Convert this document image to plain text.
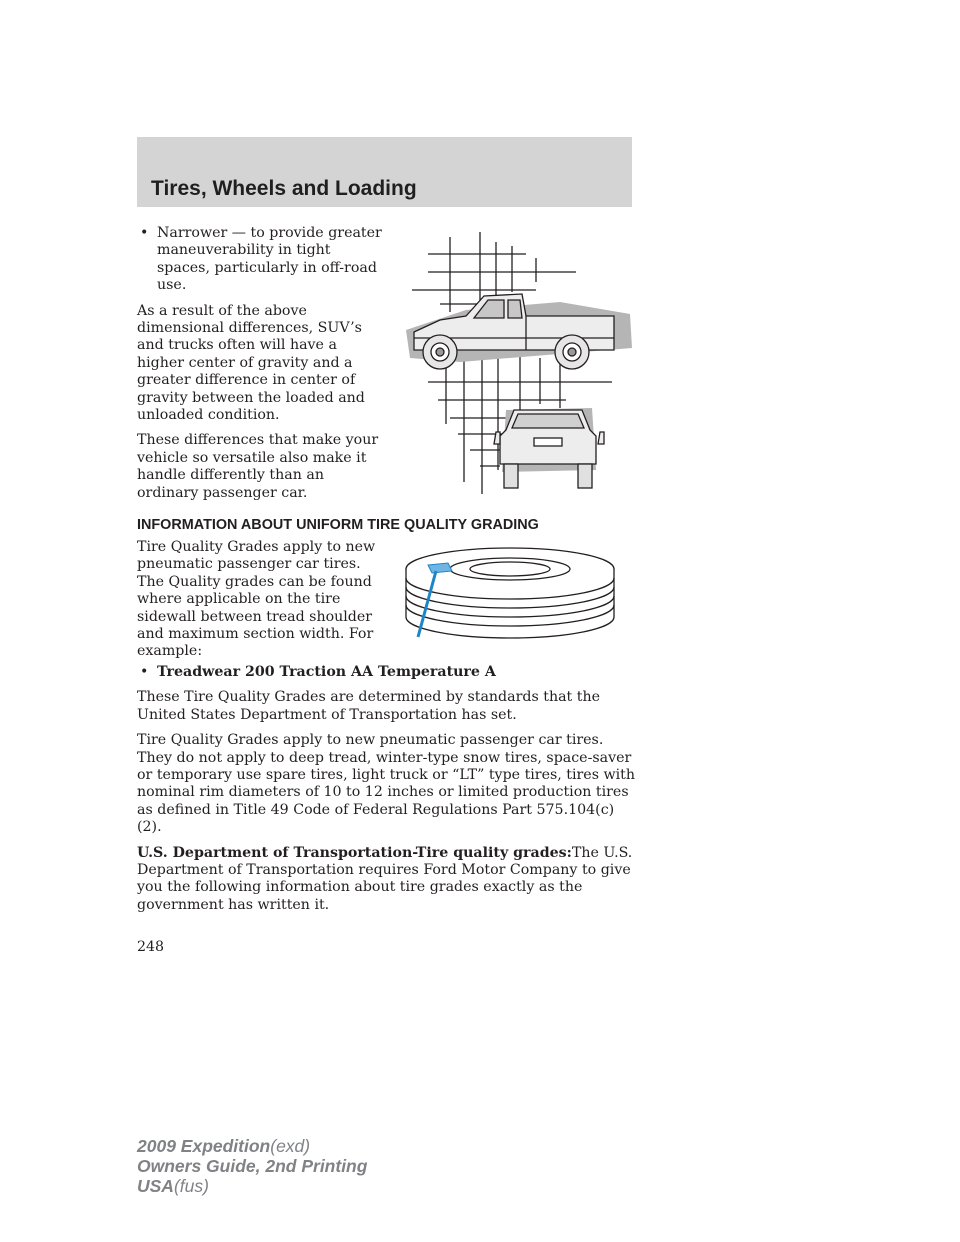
Tires, Wheels and Loading
• Narrower — to provide greater maneuverability in tight spaces, particularly in off-road use.

As a result of the above dimensional differences, SUV’s and trucks often will have a higher center of gravity and a greater difference in center of gravity between the loaded and unloaded condition.

These differences that make your vehicle so versatile also make it handle differently than an ordinary passenger car.

INFORMATION ABOUT UNIFORM TIRE QUALITY GRADING

Tire Quality Grades apply to new pneumatic passenger car tires. The Quality grades can be found where applicable on the tire sidewall between tread shoulder and maximum section width. For example:

• Treadwear 200 Traction AA Temperature A

These Tire Quality Grades are determined by standards that the United States Department of Transportation has set.

Tire Quality Grades apply to new pneumatic passenger car tires. They do not apply to deep tread, winter-type snow tires, space-saver or temporary use spare tires, light truck or “LT” type tires, tires with nominal rim diameters of 10 to 12 inches or limited production tires as defined in Title 49 Code of Federal Regulations Part 575.104(c)(2).

U.S. Department of Transportation-Tire quality grades:The U.S. Department of Transportation requires Ford Motor Company to give you the following information about tire grades exactly as the government has written it.

248
2009 Expedition(exd)
Owners Guide, 2nd Printing
USA(fus)
